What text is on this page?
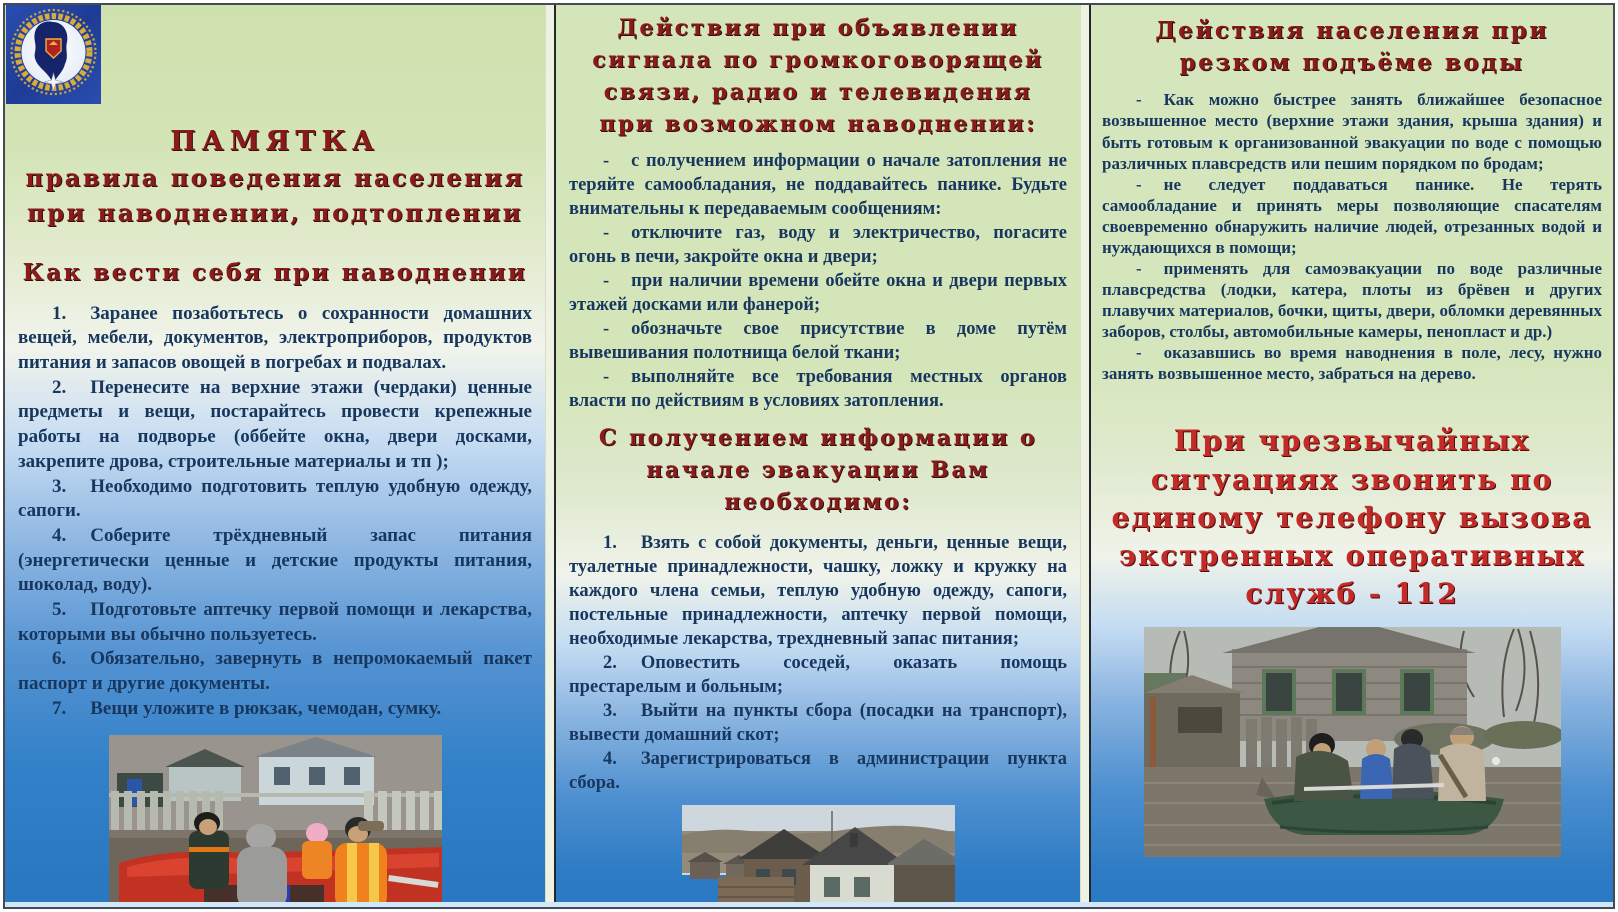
ПАМЯТКА
правила поведения населения при наводнении, подтоплении
Как вести себя при наводнении

1. Заранее позаботьтесь о сохранности домашних вещей, мебели, документов, электроприборов, продуктов питания и запасов овощей в погребах и подвалах.

2. Перенесите на верхние этажи (чердаки) ценные предметы и вещи, постарайтесь провести крепежные работы на подворье (оббейте окна, двери досками, закрепите дрова, строительные материалы и тп );

3. Необходимо подготовить теплую удобную одежду, сапоги.

4. Соберите трёхдневный запас питания (энергетически ценные и детские продукты питания, шоколад, воду).

5. Подготовьте аптечку первой помощи и лекарства, которыми вы обычно пользуетесь.

6. Обязательно, завернуть в непромокаемый пакет паспорт и другие документы.

7. Вещи уложите в рюкзак, чемодан, сумку.

Действия при объявлении сигнала по громкоговорящей связи, радио и телевидения при возможном наводнении:

- с получением информации о начале затопления не теряйте самообладания, не поддавайтесь панике. Будьте внимательны к передаваемым сообщениям:

- отключите газ, воду и электричество, погасите огонь в печи, закройте окна и двери;

- при наличии времени обейте окна и двери первых этажей досками или фанерой;

- обозначьте свое присутствие в доме путём вывешивания полотнища белой ткани;

- выполняйте все требования местных органов власти по действиям в условиях затопления.

С получением информации о начале эвакуации Вам необходимо:

1. Взять с собой документы, деньги, ценные вещи, туалетные принадлежности, чашку, ложку и кружку на каждого члена семьи, теплую удобную одежду, сапоги, постельные принадлежности, аптечку первой помощи, необходимые лекарства, трехдневный запас питания;

2. Оповестить соседей, оказать помощь престарелым и больным;

3. Выйти на пункты сбора (посадки на транспорт), вывести домашний скот;

4. Зарегистрироваться в администрации пункта сбора.

Действия населения при резком подъёме воды

- Как можно быстрее занять ближайшее безопасное возвышенное место (верхние этажи здания, крыша здания) и быть готовым к организованной эвакуации по воде с помощью различных плавсредств или пешим порядком по бродам;

- не следует поддаваться панике. Не терять самообладание и принять меры позволяющие спасателям своевременно обнаружить наличие людей, отрезанных водой и нуждающихся в помощи;

- применять для самоэвакуации по воде различные плавсредства (лодки, катера, плоты из брёвен и других плавучих материалов, бочки, щиты, двери, обломки деревянных заборов, столбы, автомобильные камеры, пенопласт и др.)

- оказавшись во время наводнения в поле, лесу, нужно занять возвышенное место, забраться на дерево.

При чрезвычайных ситуациях звонить по единому телефону вызова экстренных оперативных служб - 112
